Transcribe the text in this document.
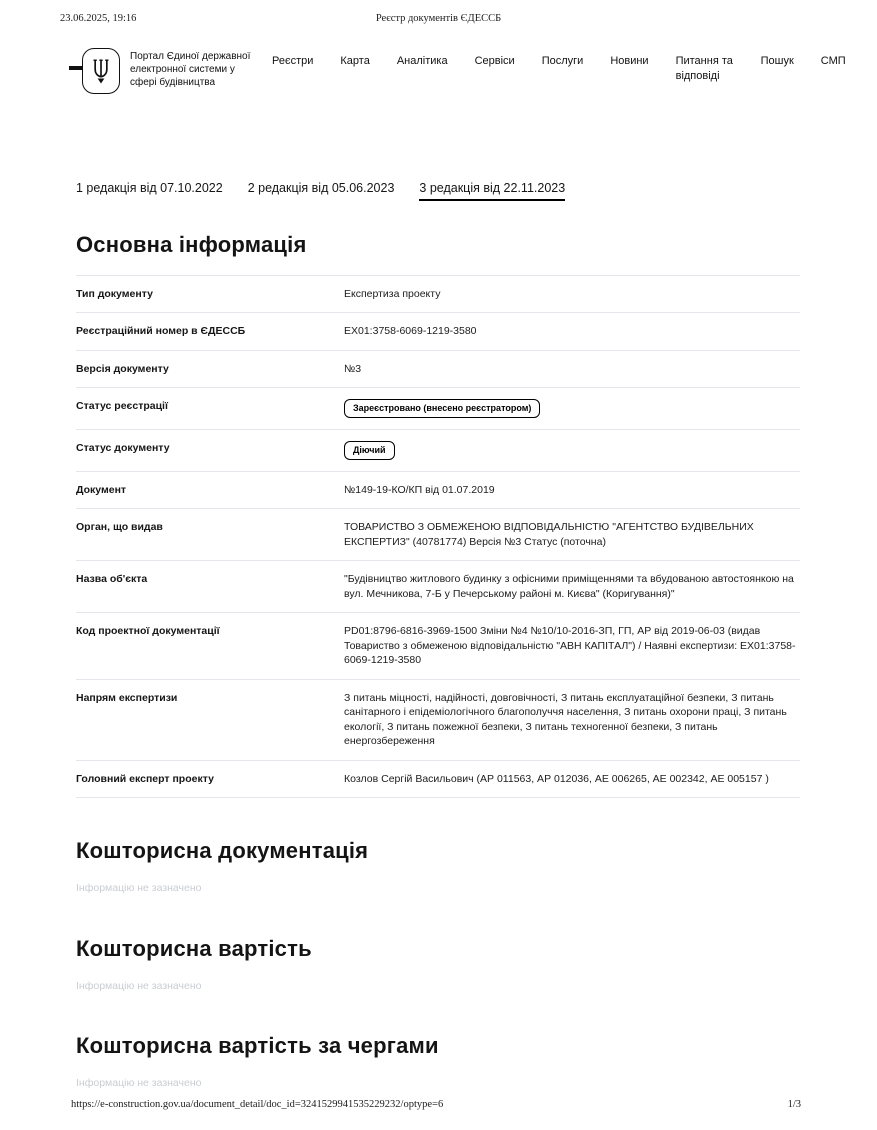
23.06.2025, 19:16	Реєстр документів ЄДЕССБ
Портал Єдиної державної електронної системи у сфері будівництва
Реєстри Карта Аналітика Сервіси Послуги Новини Питання та відповіді
Пошук СМП
1 редакція від 07.10.2022 2 редакція від 05.06.2023 3 редакція від 22.11.2023
Основна інформація
Тип документу	Експертиза проекту
Реєстраційний номер в ЄДЕССБ	EX01:3758-6069-1219-3580
Версія документу	№3
Статус реєстрації	Зареєстровано (внесено реєстратором)
Статус документу	Діючий
Документ	№149-19-КО/КП від 01.07.2019
Орган, що видав	ТОВАРИСТВО З ОБМЕЖЕНОЮ ВІДПОВІДАЛЬНІСТЮ "АГЕНТСТВО БУДІВЕЛЬНИХ ЕКСПЕРТИЗ" (40781774) Версія №3 Статус (поточна)
Назва об'єкта	"Будівництво житлового будинку з офісними приміщеннями та вбудованою автостоянкою на вул. Мечникова, 7-Б у Печерському районі м. Києва" (Коригування)"
Код проектної документації	PD01:8796-6816-3969-1500 Зміни №4 №10/10-2016-ЗП, ГП, АР від 2019-06-03 (видав Товариство з обмеженою відповідальністю "АВН КАПІТАЛ") / Наявні експертизи: EX01:3758-6069-1219-3580
Напрям експертизи	З питань міцності, надійності, довговічності, З питань експлуатаційної безпеки, З питань санітарного і епідеміологічного благополуччя населення, З питань охорони праці, З питань екології, З питань пожежної безпеки, З питань техногенної безпеки, З питань енергозбереження
Головний експерт проекту	Козлов Сергій Васильович (АР 011563, АР 012036, АЕ 006265, АЕ 002342, АЕ 005157 )
Кошторисна документація
Інформацію не зазначено
Кошторисна вартість
Інформацію не зазначено
Кошторисна вартість за чергами
Інформацію не зазначено
https://e-construction.gov.ua/document_detail/doc_id=3241529941535229232/optype=6	1/3
